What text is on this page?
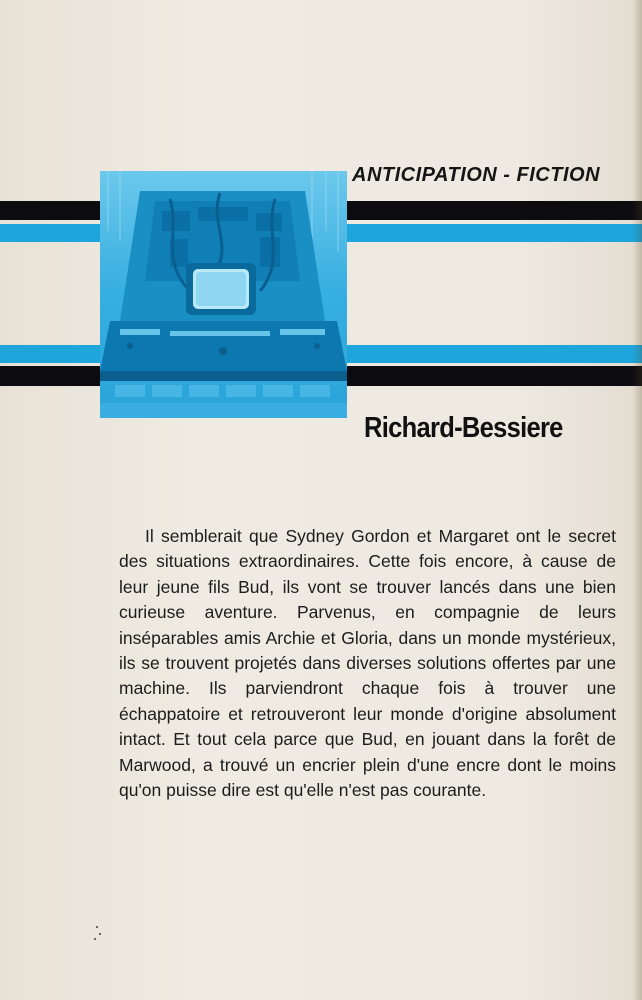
ANTICIPATION - FICTION
Richard-Bessiere

Il semblerait que Sydney Gordon et Margaret ont le secret des situations extraordinaires. Cette fois encore, à cause de leur jeune fils Bud, ils vont se trouver lancés dans une bien curieuse aventure. Parvenus, en compagnie de leurs inséparables amis Archie et Gloria, dans un monde mystérieux, ils se trouvent projetés dans diverses solutions offertes par une machine. Ils parviendront chaque fois à trouver une échappatoire et retrouveront leur monde d'origine absolument intact. Et tout cela parce que Bud, en jouant dans la forêt de Marwood, a trouvé un encrier plein d'une encre dont le moins qu'on puisse dire est qu'elle n'est pas courante.
